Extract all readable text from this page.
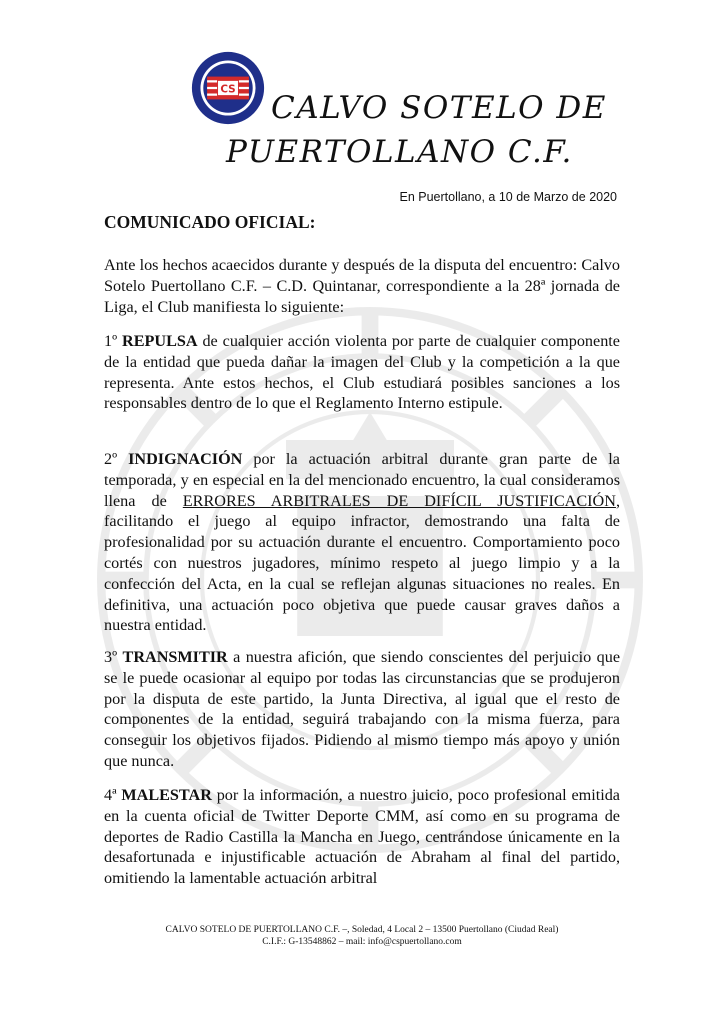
CS
CALVO SOTELO DE
PUERTOLLANO C.F.
En Puertollano, a 10 de Marzo de 2020
COMUNICADO OFICIAL:
Ante los hechos acaecidos durante y después de la disputa del encuentro: Calvo Sotelo Puertollano C.F. – C.D. Quintanar, correspondiente a la 28ª jornada de Liga, el Club manifiesta lo siguiente:
1º REPULSA de cualquier acción violenta por parte de cualquier componente de la entidad que pueda dañar la imagen del Club y la competición a la que representa. Ante estos hechos, el Club estudiará posibles sanciones a los responsables dentro de lo que el Reglamento Interno estipule.
2º INDIGNACIÓN por la actuación arbitral durante gran parte de la temporada, y en especial en la del mencionado encuentro, la cual consideramos llena de ERRORES ARBITRALES DE DIFÍCIL JUSTIFICACIÓN, facilitando el juego al equipo infractor, demostrando una falta de profesionalidad por su actuación durante el encuentro. Comportamiento poco cortés con nuestros jugadores, mínimo respeto al juego limpio y a la confección del Acta, en la cual se reflejan algunas situaciones no reales. En definitiva, una actuación poco objetiva que puede causar graves daños a nuestra entidad.
3º TRANSMITIR a nuestra afición, que siendo conscientes del perjuicio que se le puede ocasionar al equipo por todas las circunstancias que se produjeron por la disputa de este partido, la Junta Directiva, al igual que el resto de componentes de la entidad, seguirá trabajando con la misma fuerza, para conseguir los objetivos fijados. Pidiendo al mismo tiempo más apoyo y unión que nunca.
4ª MALESTAR por la información, a nuestro juicio, poco profesional emitida en la cuenta oficial de Twitter Deporte CMM, así como en su programa de deportes de Radio Castilla la Mancha en Juego, centrándose únicamente en la desafortunada e injustificable actuación de Abraham al final del partido, omitiendo la lamentable actuación arbitral
CALVO SOTELO DE PUERTOLLANO C.F. –, Soledad, 4 Local 2 – 13500 Puertollano (Ciudad Real)
C.I.F.: G-13548862 – mail: info@cspuertollano.com
